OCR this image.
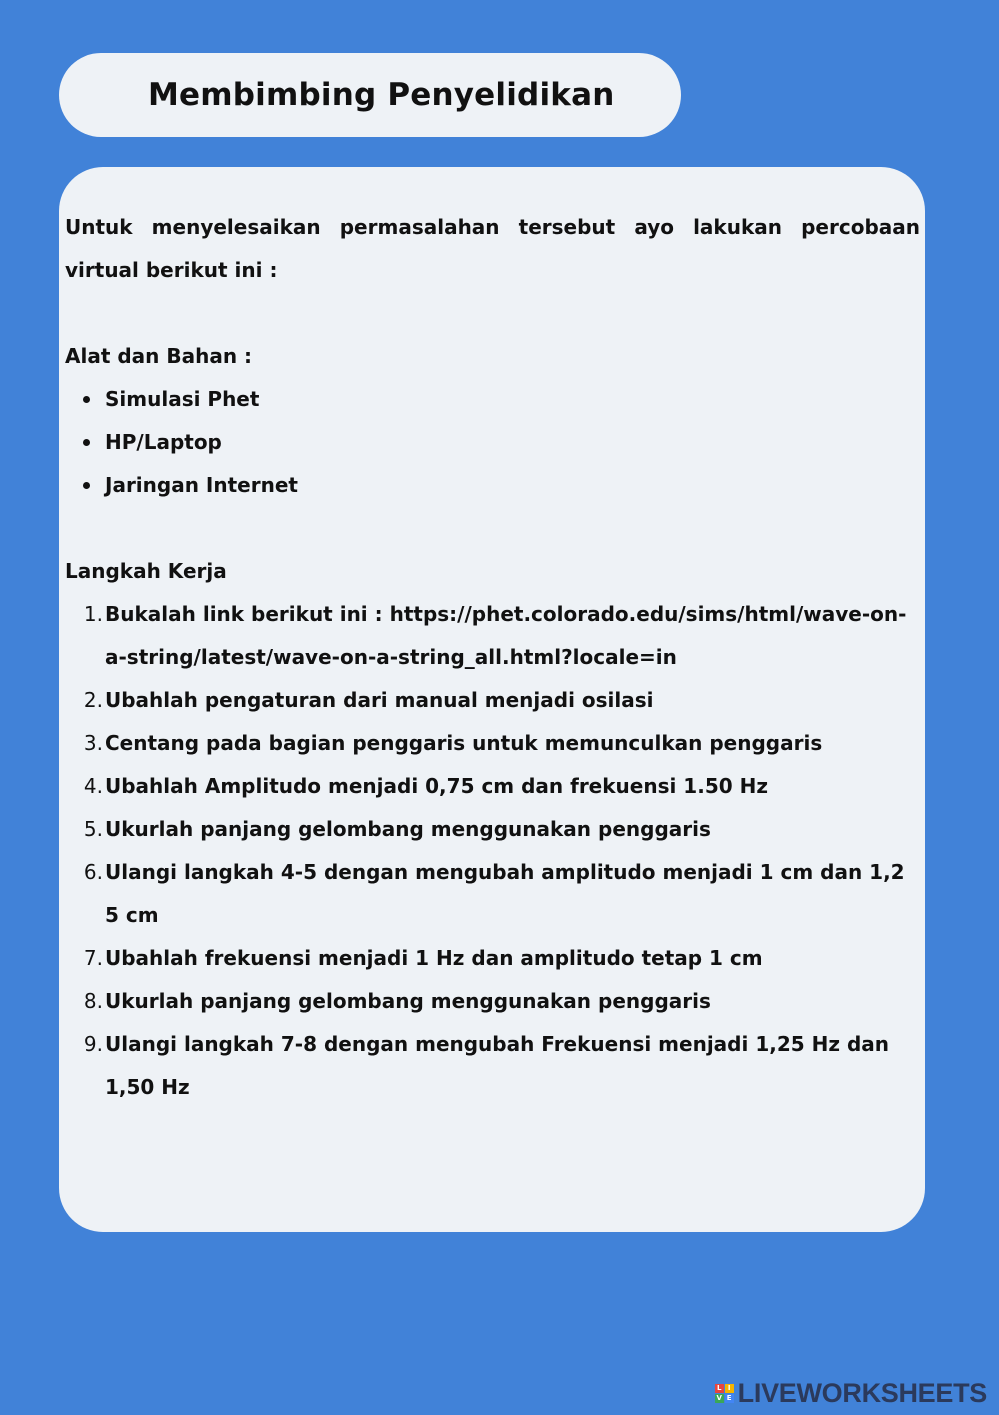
Membimbing Penyelidikan

Untuk menyelesaikan permasalahan tersebut ayo lakukan percobaan virtual berikut ini :

Alat dan Bahan :

Simulasi Phet
HP/Laptop
Jaringan Internet

Langkah Kerja

1. Bukalah link berikut ini : https://phet.colorado.edu/sims/html/wave-on-a-string/latest/wave-on-a-string_all.html?locale=in
2. Ubahlah pengaturan dari manual menjadi osilasi
3. Centang pada bagian penggaris untuk memunculkan penggaris
4. Ubahlah Amplitudo menjadi 0,75 cm dan frekuensi 1.50 Hz
5. Ukurlah panjang gelombang menggunakan penggaris
6. Ulangi langkah 4-5 dengan mengubah amplitudo menjadi 1 cm dan 1,25 cm
7. Ubahlah frekuensi menjadi 1 Hz dan amplitudo tetap 1 cm
8. Ukurlah panjang gelombang menggunakan penggaris
9. Ulangi langkah 7-8 dengan mengubah Frekuensi menjadi 1,25 Hz dan 1,50 Hz
L I
V E LIVEWORKSHEETS
